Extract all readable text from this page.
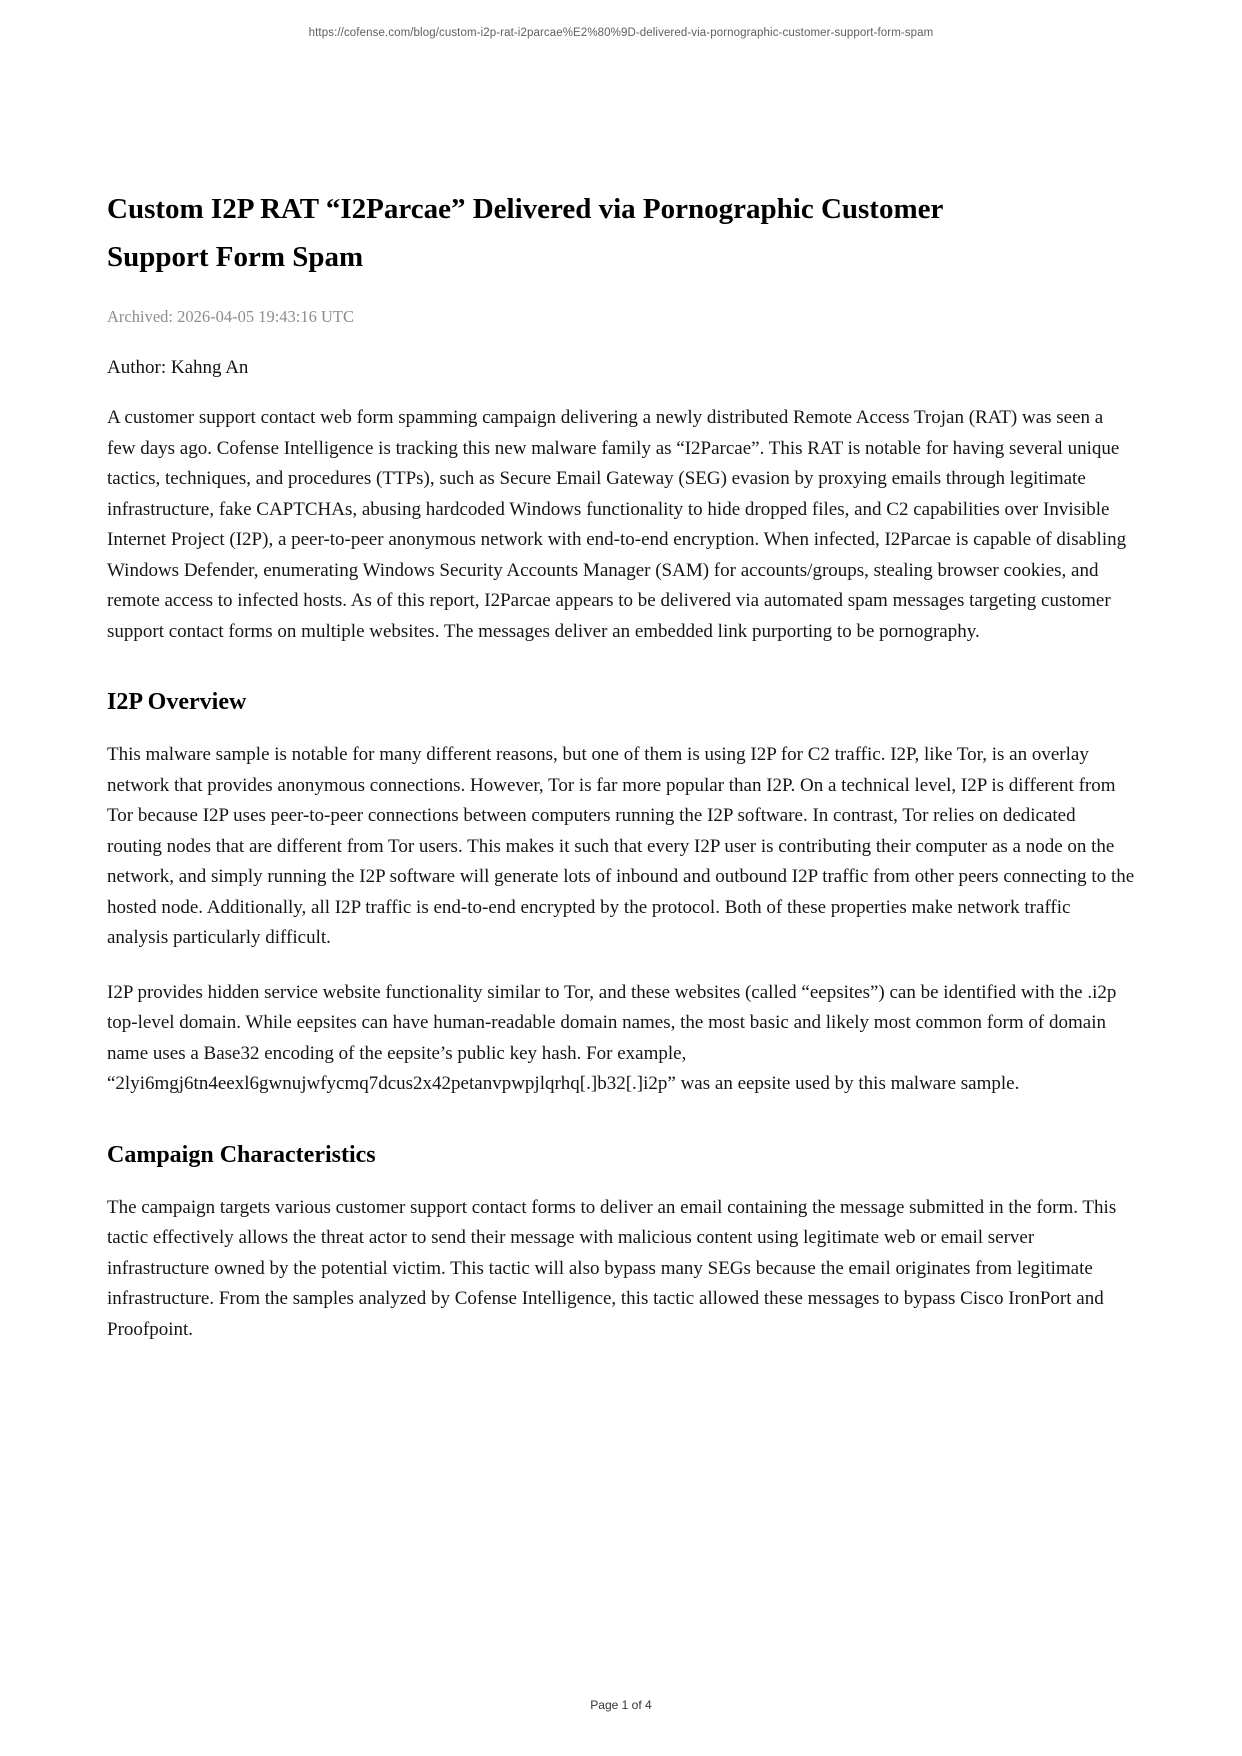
https://cofense.com/blog/custom-i2p-rat-i2parcae%E2%80%9D-delivered-via-pornographic-customer-support-form-spam
Custom I2P RAT “I2Parcae” Delivered via Pornographic Customer Support Form Spam

Archived: 2026-04-05 19:43:16 UTC

Author: Kahng An

A customer support contact web form spamming campaign delivering a newly distributed Remote Access Trojan (RAT) was seen a few days ago. Cofense Intelligence is tracking this new malware family as “I2Parcae”. This RAT is notable for having several unique tactics, techniques, and procedures (TTPs), such as Secure Email Gateway (SEG) evasion by proxying emails through legitimate infrastructure, fake CAPTCHAs, abusing hardcoded Windows functionality to hide dropped files, and C2 capabilities over Invisible Internet Project (I2P), a peer-to-peer anonymous network with end-to-end encryption. When infected, I2Parcae is capable of disabling Windows Defender, enumerating Windows Security Accounts Manager (SAM) for accounts/groups, stealing browser cookies, and remote access to infected hosts. As of this report, I2Parcae appears to be delivered via automated spam messages targeting customer support contact forms on multiple websites. The messages deliver an embedded link purporting to be pornography.

I2P Overview

This malware sample is notable for many different reasons, but one of them is using I2P for C2 traffic. I2P, like Tor, is an overlay network that provides anonymous connections. However, Tor is far more popular than I2P. On a technical level, I2P is different from Tor because I2P uses peer-to-peer connections between computers running the I2P software. In contrast, Tor relies on dedicated routing nodes that are different from Tor users. This makes it such that every I2P user is contributing their computer as a node on the network, and simply running the I2P software will generate lots of inbound and outbound I2P traffic from other peers connecting to the hosted node. Additionally, all I2P traffic is end-to-end encrypted by the protocol. Both of these properties make network traffic analysis particularly difficult.

I2P provides hidden service website functionality similar to Tor, and these websites (called “eepsites”) can be identified with the .i2p top-level domain. While eepsites can have human-readable domain names, the most basic and likely most common form of domain name uses a Base32 encoding of the eepsite’s public key hash. For example, “2lyi6mgj6tn4eexl6gwnujwfycmq7dcus2x42petanvpwpjlqrhq[.]b32[.]i2p” was an eepsite used by this malware sample.

Campaign Characteristics

The campaign targets various customer support contact forms to deliver an email containing the message submitted in the form. This tactic effectively allows the threat actor to send their message with malicious content using legitimate web or email server infrastructure owned by the potential victim. This tactic will also bypass many SEGs because the email originates from legitimate infrastructure. From the samples analyzed by Cofense Intelligence, this tactic allowed these messages to bypass Cisco IronPort and Proofpoint.

Page 1 of 4
